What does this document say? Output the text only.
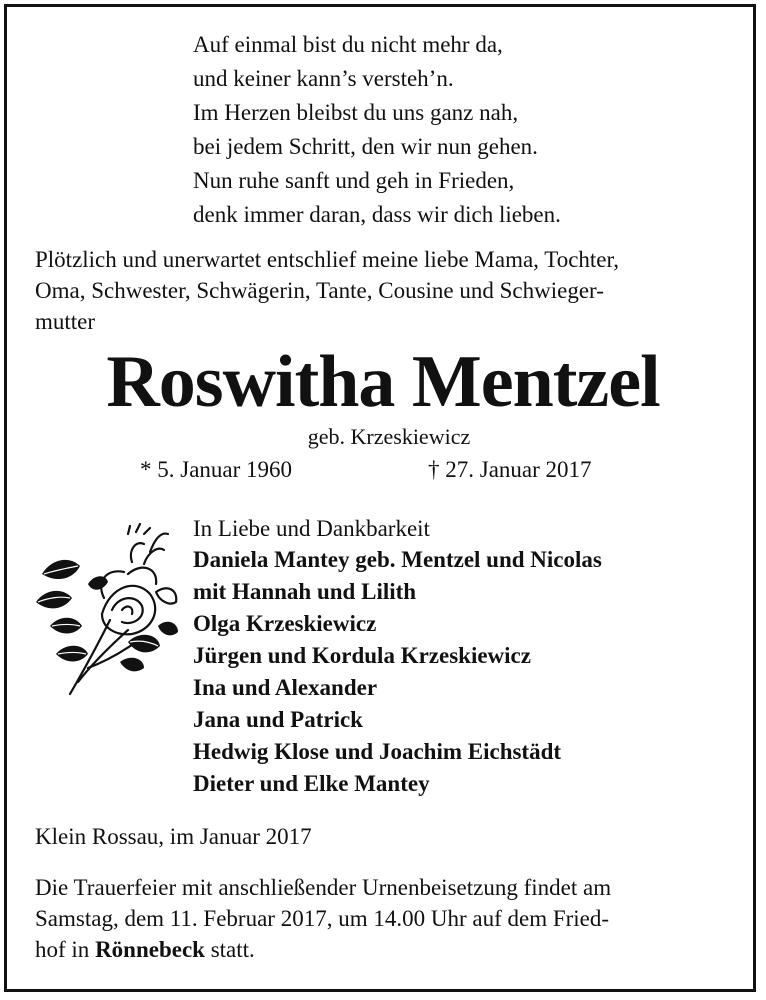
Auf einmal bist du nicht mehr da,
und keiner kann’s versteh’n.
Im Herzen bleibst du uns ganz nah,
bei jedem Schritt, den wir nun gehen.
Nun ruhe sanft und geh in Frieden,
denk immer daran, dass wir dich lieben.
Plötzlich und unerwartet entschlief meine liebe Mama, Tochter,
Oma, Schwester, Schwägerin, Tante, Cousine und Schwieger-
mutter
Roswitha Mentzel
geb. Krzeskiewicz
* 5. Januar 1960	† 27. Januar 2017
In Liebe und Dankbarkeit
Daniela Mantey geb. Mentzel und Nicolas
mit Hannah und Lilith
Olga Krzeskiewicz
Jürgen und Kordula Krzeskiewicz
Ina und Alexander
Jana und Patrick
Hedwig Klose und Joachim Eichstädt
Dieter und Elke Mantey
Klein Rossau, im Januar 2017
Die Trauerfeier mit anschließender Urnenbeisetzung findet am
Samstag, dem 11. Februar 2017, um 14.00 Uhr auf dem Fried-
hof in Rönnebeck statt.
